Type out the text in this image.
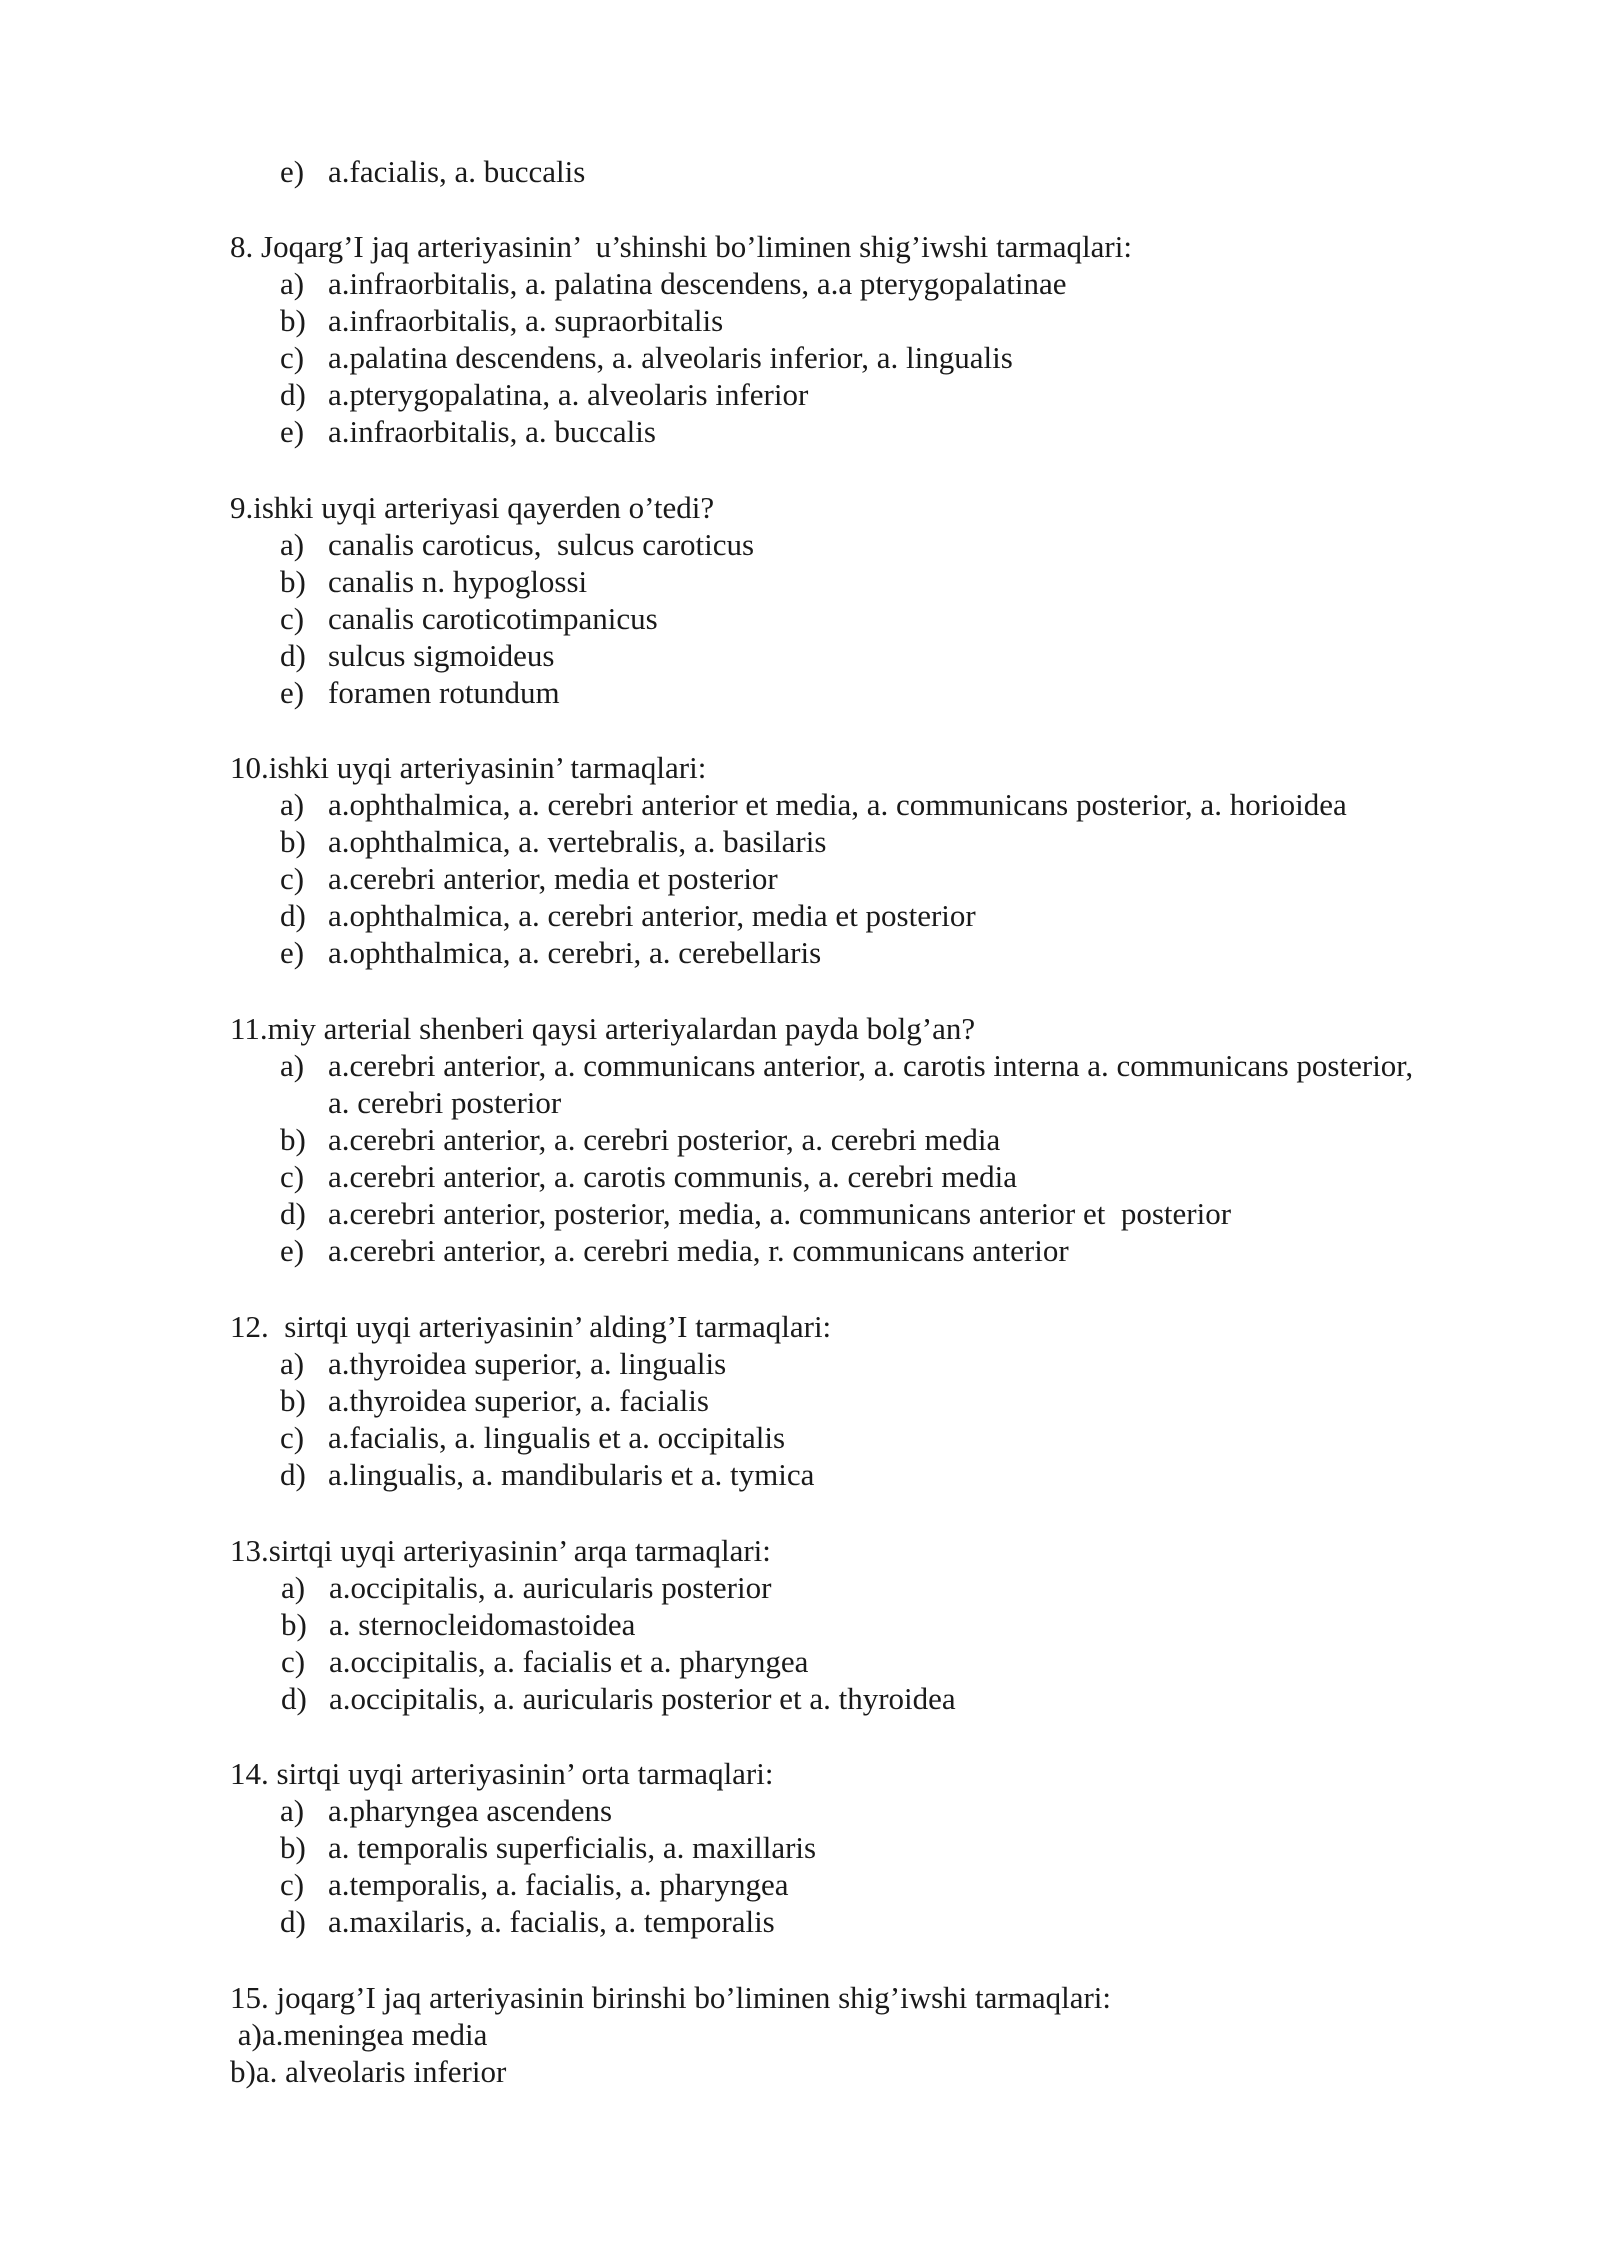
e)

a.facialis, a. buccalis

8. Joqarg’I jaq arteriyasinin’  u’shinshi bo’liminen shig’iwshi tarmaqlari:

a)

a.infraorbitalis, a. palatina descendens, a.a pterygopalatinae

b)

a.infraorbitalis, a. supraorbitalis

c)

a.palatina descendens, a. alveolaris inferior, a. lingualis

d)

a.pterygopalatina, a. alveolaris inferior

e)

a.infraorbitalis, a. buccalis

9.ishki uyqi arteriyasi qayerden o’tedi?

a)

canalis caroticus,  sulcus caroticus

b)

canalis n. hypoglossi

c)

canalis caroticotimpanicus

d)

sulcus sigmoideus

e)

foramen rotundum

10.ishki uyqi arteriyasinin’ tarmaqlari:

a)

a.ophthalmica, a. cerebri anterior et media, a. communicans posterior, a. horioidea

b)

a.ophthalmica, a. vertebralis, a. basilaris

c)

a.cerebri anterior, media et posterior

d)

a.ophthalmica, a. cerebri anterior, media et posterior

e)

a.ophthalmica, a. cerebri, a. cerebellaris

11.miy arterial shenberi qaysi arteriyalardan payda bolg’an?

a)

a.cerebri anterior, a. communicans anterior, a. carotis interna a. communicans posterior,

a. cerebri posterior

b)

a.cerebri anterior, a. cerebri posterior, a. cerebri media

c)

a.cerebri anterior, a. carotis communis, a. cerebri media

d)

a.cerebri anterior, posterior, media, a. communicans anterior et  posterior

e)

a.cerebri anterior, a. cerebri media, r. communicans anterior

12.  sirtqi uyqi arteriyasinin’ alding’I tarmaqlari:

a)

a.thyroidea superior, a. lingualis

b)

a.thyroidea superior, a. facialis

c)

a.facialis, a. lingualis et a. occipitalis

d)

a.lingualis, a. mandibularis et a. tymica

13.sirtqi uyqi arteriyasinin’ arqa tarmaqlari:

a)

a.occipitalis, a. auricularis posterior

b)

a. sternocleidomastoidea

c)

a.occipitalis, a. facialis et a. pharyngea

d)

a.occipitalis, a. auricularis posterior et a. thyroidea

14. sirtqi uyqi arteriyasinin’ orta tarmaqlari:

a)

a.pharyngea ascendens

b)

a. temporalis superficialis, a. maxillaris

c)

a.temporalis, a. facialis, a. pharyngea

d)

a.maxilaris, a. facialis, a. temporalis

15. joqarg’I jaq arteriyasinin birinshi bo’liminen shig’iwshi tarmaqlari:
a)a.meningea media
b)a. alveolaris inferior
